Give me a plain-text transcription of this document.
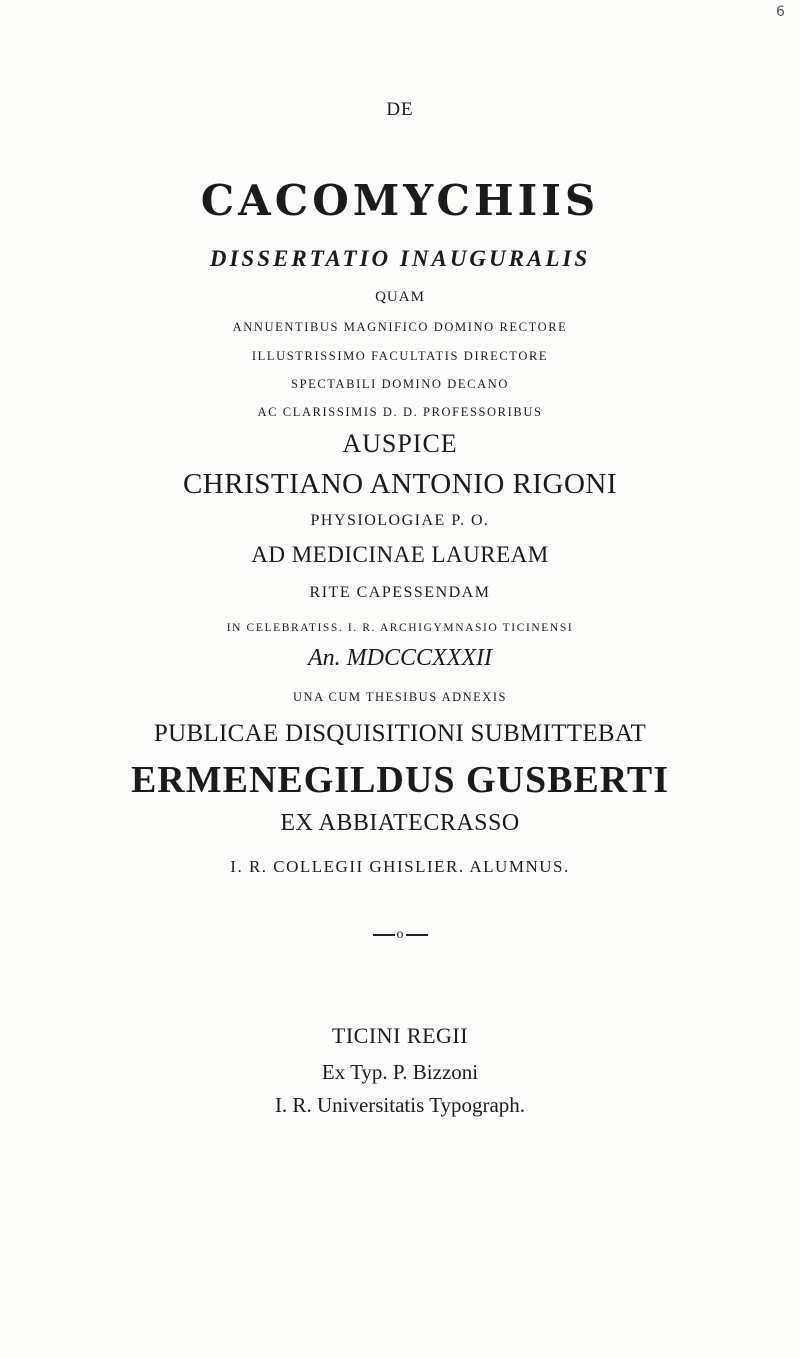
6
DE
CACOMYCHIIS
DISSERTATIO INAUGURALIS
QUAM
ANNUENTIBUS MAGNIFICO DOMINO RECTORE
ILLUSTRISSIMO FACULTATIS DIRECTORE
SPECTABILI DOMINO DECANO
AC CLARISSIMIS D. D. PROFESSORIBUS
AUSPICE
CHRISTIANO ANTONIO RIGONI
PHYSIOLOGIAE P. O.
AD MEDICINAE LAUREAM
RITE CAPESSENDAM
IN CELEBRATISS. I. R. ARCHIGYMNASIO TICINENSI
An. MDCCCXXXII
UNA CUM THESIBUS ADNEXIS
PUBLICAE DISQUISITIONI SUBMITTEBAT
ERMENEGILDUS GUSBERTI
EX ABBIATECRASSO
I. R. COLLEGII GHISLIER. ALUMNUS.
o
TICINI REGII
Ex Typ. P. Bizzoni
I. R. Universitatis Typograph.
